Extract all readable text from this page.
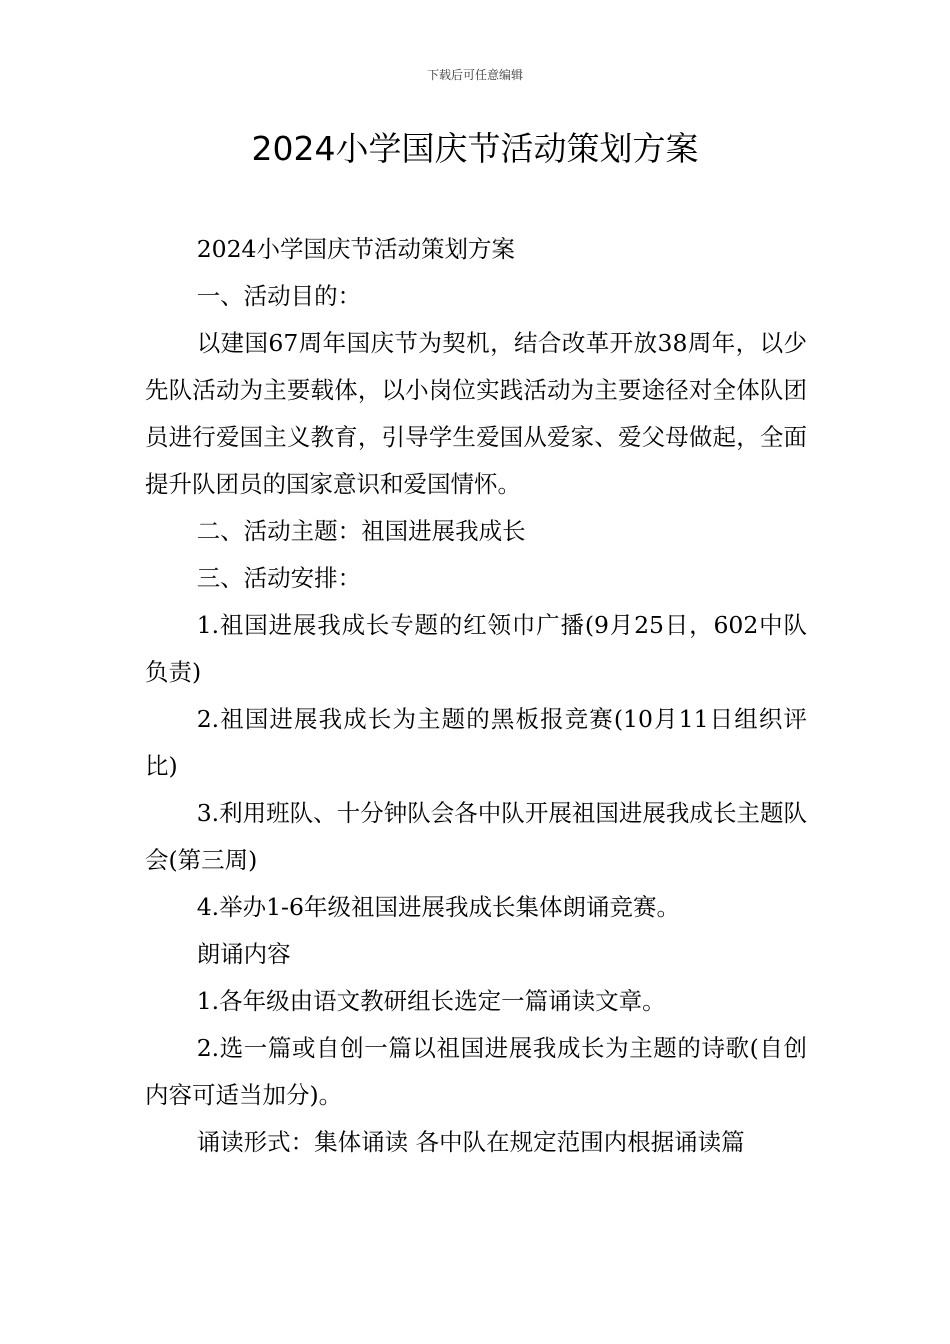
下载后可任意编辑
2024小学国庆节活动策划方案

2024小学国庆节活动策划方案

一、活动目的：

以建国67周年国庆节为契机，结合改革开放38周年，以少先队活动为主要载体，以小岗位实践活动为主要途径对全体队团员进行爱国主义教育，引导学生爱国从爱家、爱父母做起，全面提升队团员的国家意识和爱国情怀。

二、活动主题：祖国进展我成长

三、活动安排：

1.祖国进展我成长专题的红领巾广播(9月25日，602中队负责)

2.祖国进展我成长为主题的黑板报竞赛(10月11日组织评比)

3.利用班队、十分钟队会各中队开展祖国进展我成长主题队会(第三周)

4.举办1-6年级祖国进展我成长集体朗诵竞赛。

朗诵内容

1.各年级由语文教研组长选定一篇诵读文章。

2.选一篇或自创一篇以祖国进展我成长为主题的诗歌(自创内容可适当加分)。

诵读形式：集体诵读 各中队在规定范围内根据诵读篇
